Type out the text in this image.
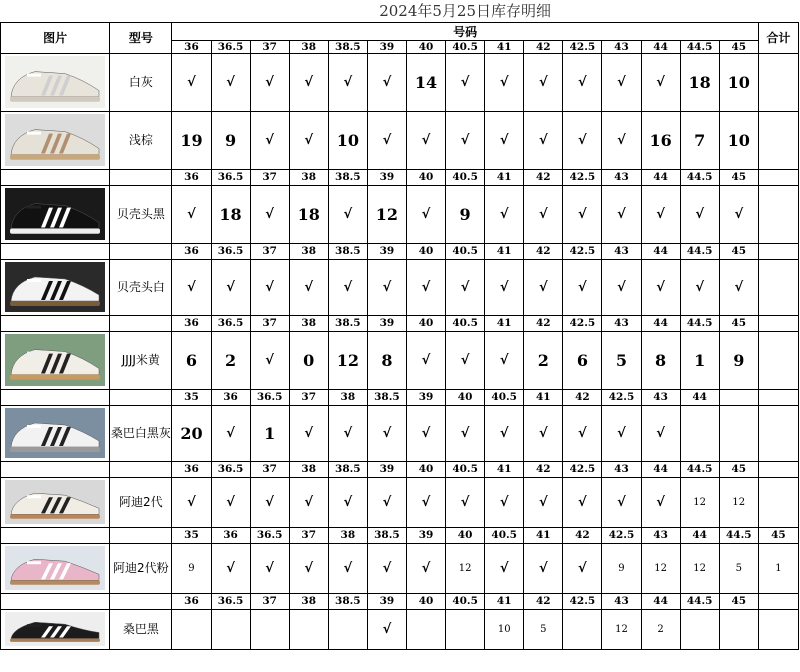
		2024年5月25日库存明细															
图片	型号	号码															合计
		36	36.5	37	38	38.5	39	40	40.5	41	42	42.5	43	44	44.5	45	

	白灰	√	√	√	√	√	√	14	√	√	√	√	√	√	18	10	

	浅棕	19	9	√	√	10	√	√	√	√	√	√	√	16	7	10	
		36	36.5	37	38	38.5	39	40	40.5	41	42	42.5	43	44	44.5	45	

	贝壳头黑	√	18	√	18	√	12	√	9	√	√	√	√	√	√	√	
		36	36.5	37	38	38.5	39	40	40.5	41	42	42.5	43	44	44.5	45	

	贝壳头白	√	√	√	√	√	√	√	√	√	√	√	√	√	√	√	
		36	36.5	37	38	38.5	39	40	40.5	41	42	42.5	43	44	44.5	45	

	JJJJ米黄	6	2	√	0	12	8	√	√	√	2	6	5	8	1	9	
		35	36	36.5	37	38	38.5	39	40	40.5	41	42	42.5	43	44		

	桑巴白黑灰	20	√	1	√	√	√	√	√	√	√	√	√	√			
		36	36.5	37	38	38.5	39	40	40.5	41	42	42.5	43	44	44.5	45	

	阿迪2代	√	√	√	√	√	√	√	√	√	√	√	√	√	12	12	
		35	36	36.5	37	38	38.5	39	40	40.5	41	42	42.5	43	44	44.5	45

	阿迪2代粉	9	√	√	√	√	√	√	12	√	√	√	9	12	12	5	1
		36	36.5	37	38	38.5	39	40	40.5	41	42	42.5	43	44	44.5	45	

	桑巴黑						√			10	5		12	2			
